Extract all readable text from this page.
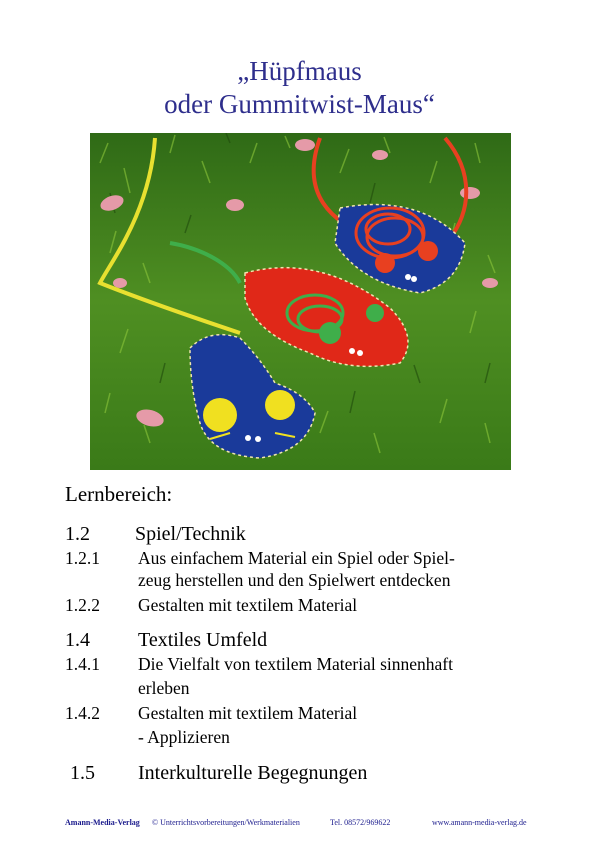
„Hüpfmaus
oder Gummitwist-Maus“
Lernbereich:
1.2 Spiel/Technik
1.2.1 Aus einfachem Material ein Spiel oder Spiel-
zeug herstellen und den Spielwert entdecken
1.2.2 Gestalten mit textilem Material
1.4 Textiles Umfeld
1.4.1 Die Vielfalt von textilem Material sinnenhaft
erleben
1.4.2 Gestalten mit textilem Material
- Applizieren
1.5 Interkulturelle Begegnungen
Amann-Media-Verlag © Unterrichtsvorbereitungen/Werkmaterialien	Tel. 08572/969622	www.amann-media-verlag.de
